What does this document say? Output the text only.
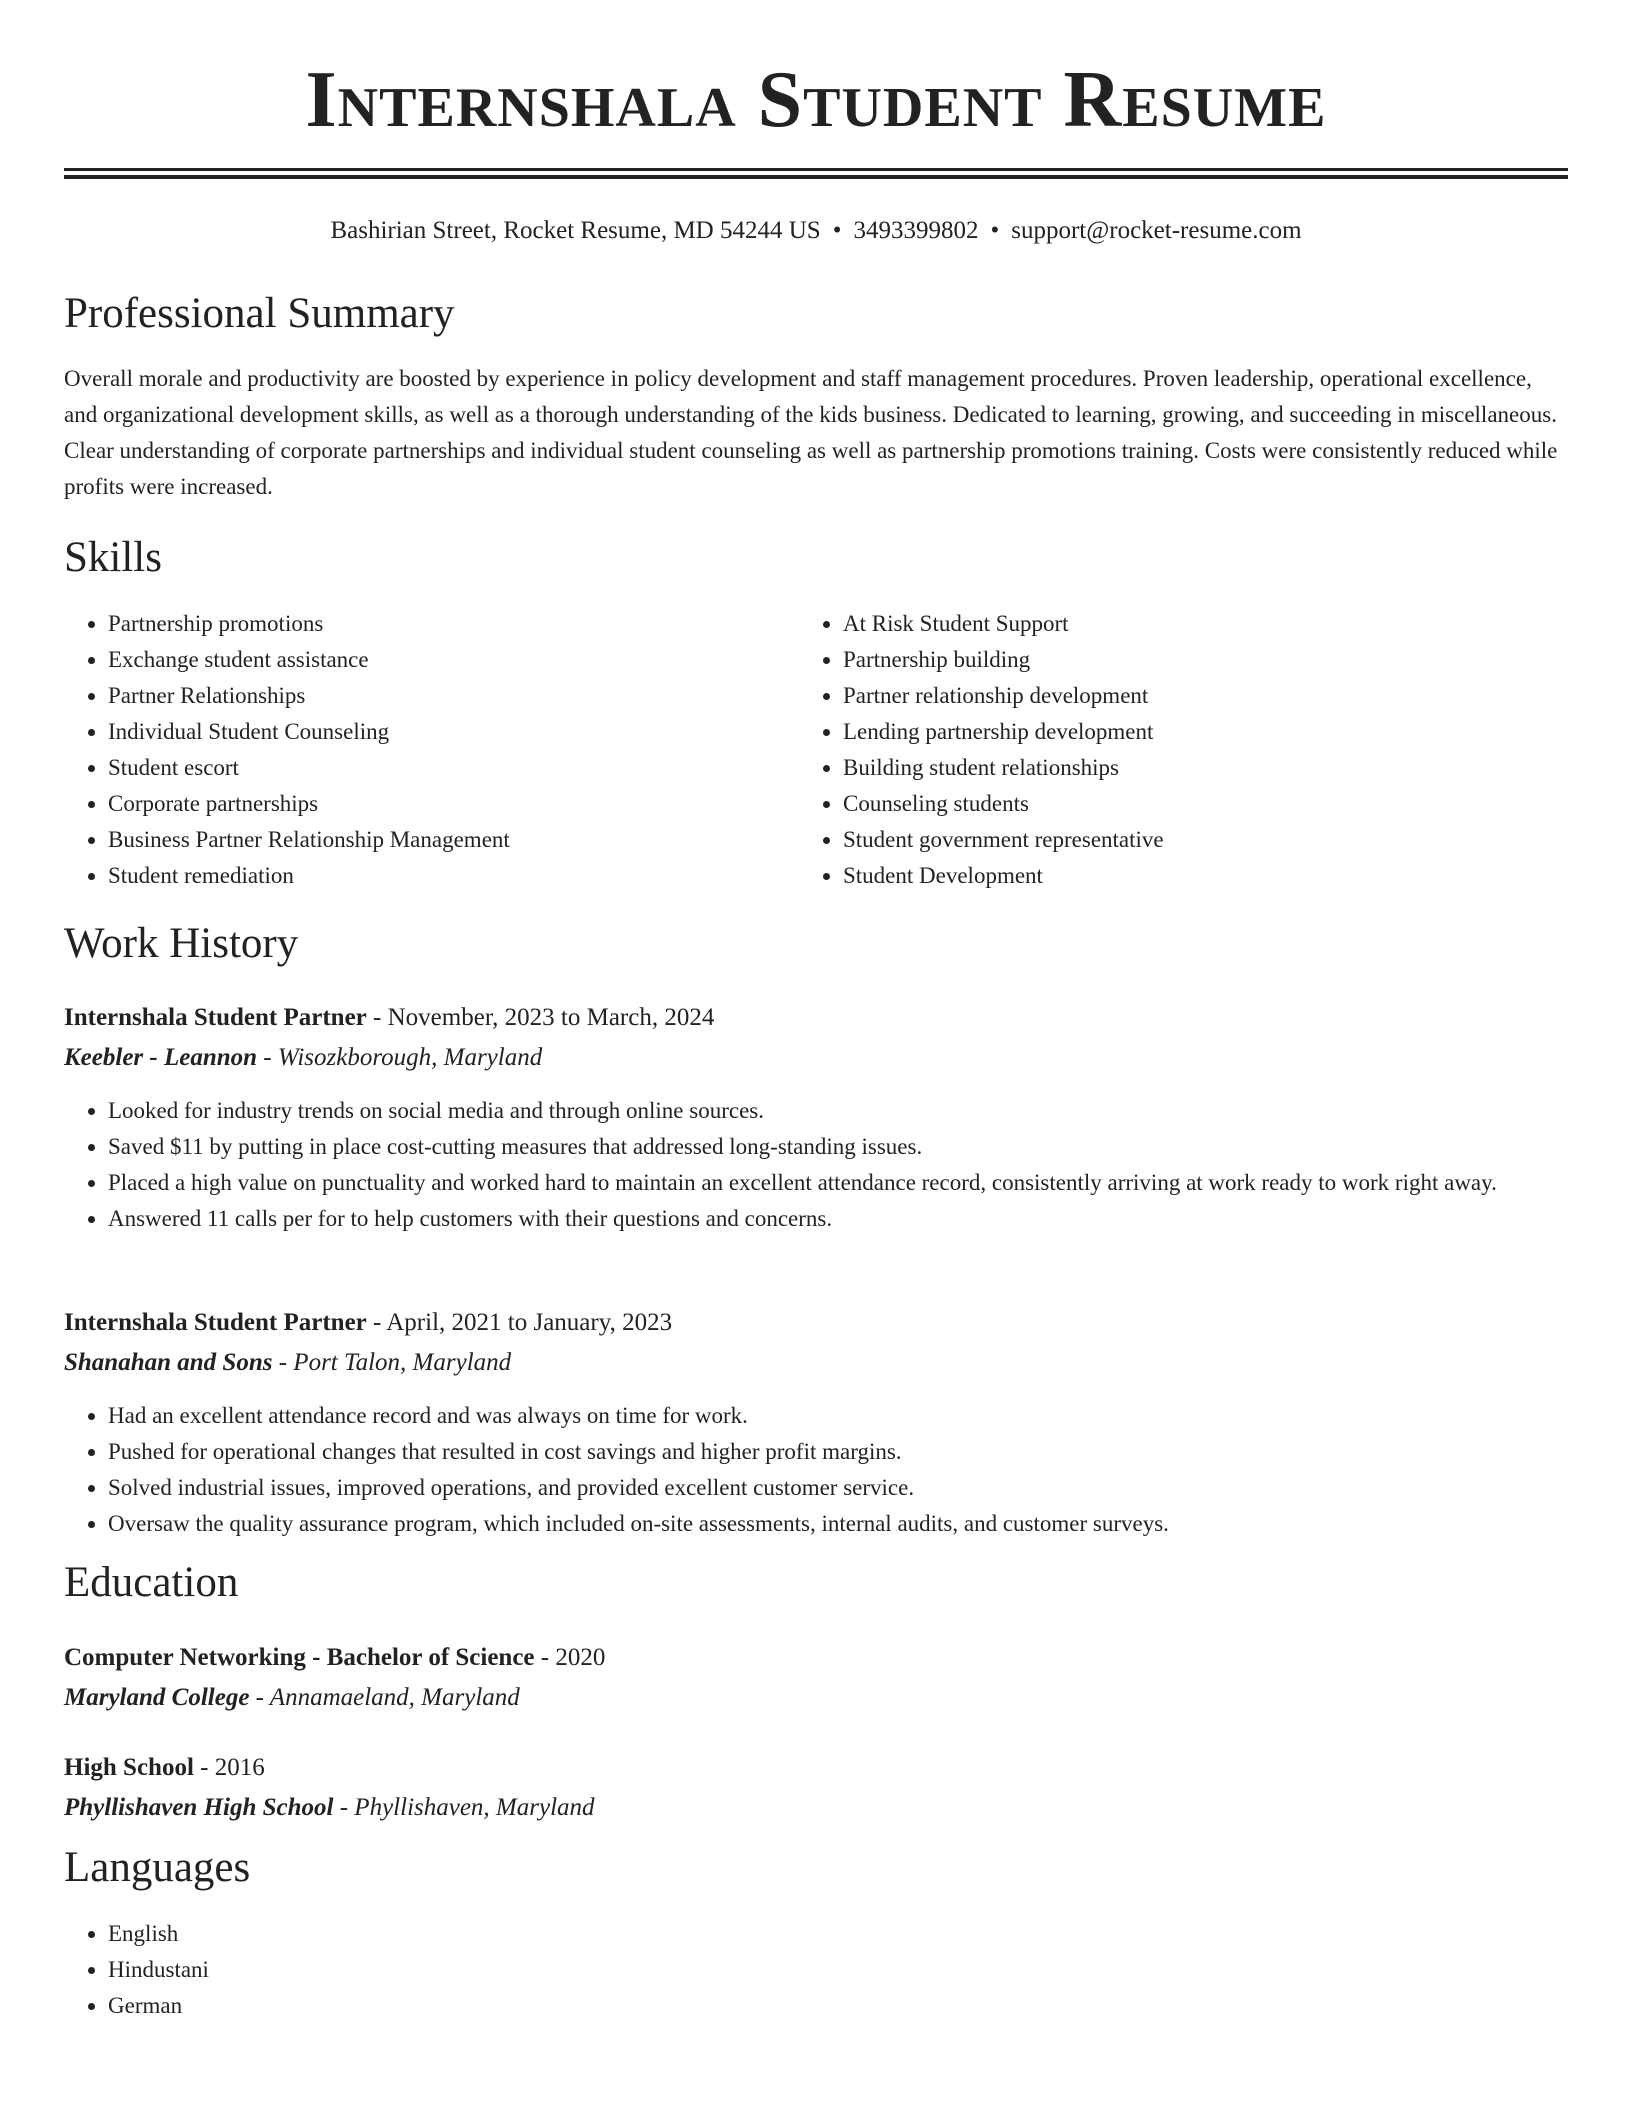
Internshala Student Resume
Bashirian Street, Rocket Resume, MD 54244 US • 3493399802 • support@rocket-resume.com
Professional Summary

Overall morale and productivity are boosted by experience in policy development and staff management procedures. Proven leadership, operational excellence, and organizational development skills, as well as a thorough understanding of the kids business. Dedicated to learning, growing, and succeeding in miscellaneous. Clear understanding of corporate partnerships and individual student counseling as well as partnership promotions training. Costs were consistently reduced while profits were increased.

Skills
• Partnership promotions
• Exchange student assistance
• Partner Relationships
• Individual Student Counseling
• Student escort
• Corporate partnerships
• Business Partner Relationship Management
• Student remediation
• At Risk Student Support
• Partnership building
• Partner relationship development
• Lending partnership development
• Building student relationships
• Counseling students
• Student government representative
• Student Development
Work History
Internshala Student Partner - November, 2023 to March, 2024
Keebler - Leannon - Wisozkborough, Maryland
• Looked for industry trends on social media and through online sources.
• Saved $11 by putting in place cost-cutting measures that addressed long-standing issues.
• Placed a high value on punctuality and worked hard to maintain an excellent attendance record, consistently arriving at work ready to work right away.
• Answered 11 calls per for to help customers with their questions and concerns.
Internshala Student Partner - April, 2021 to January, 2023
Shanahan and Sons - Port Talon, Maryland
• Had an excellent attendance record and was always on time for work.
• Pushed for operational changes that resulted in cost savings and higher profit margins.
• Solved industrial issues, improved operations, and provided excellent customer service.
• Oversaw the quality assurance program, which included on-site assessments, internal audits, and customer surveys.
Education
Computer Networking - Bachelor of Science - 2020
Maryland College - Annamaeland, Maryland
High School - 2016
Phyllishaven High School - Phyllishaven, Maryland
Languages
• English
• Hindustani
• German
